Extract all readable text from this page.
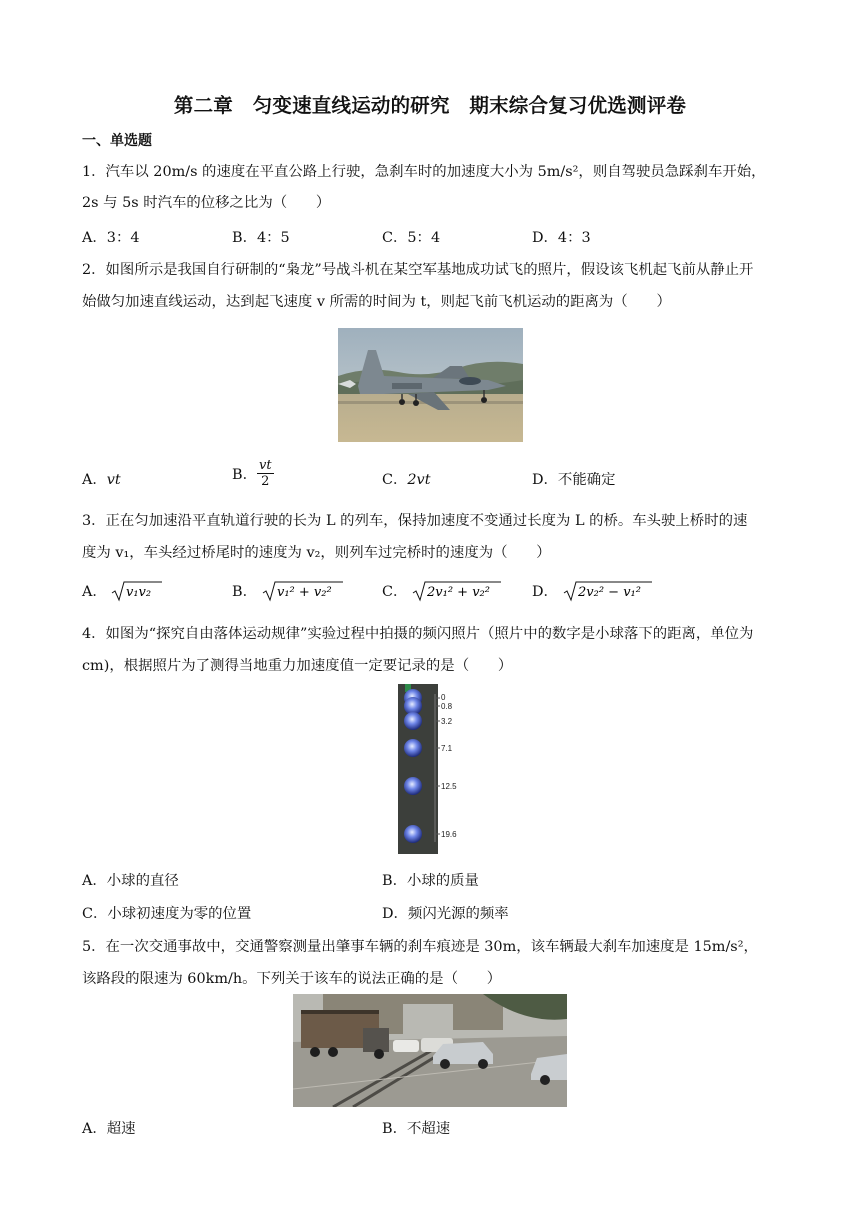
第二章　匀变速直线运动的研究　期末综合复习优选测评卷
一、单选题
1．汽车以 20m/s 的速度在平直公路上行驶，急刹车时的加速度大小为 5m/s²，则自驾驶员急踩刹车开始，
2s 与 5s 时汽车的位移之比为（　　）
A．3：4	B．4：5	C．5：4	D．4：3
2．如图所示是我国自行研制的“枭龙”号战斗机在某空军基地成功试飞的照片，假设该飞机起飞前从静止开
始做匀加速直线运动，达到起飞速度 v 所需的时间为 t，则起飞前飞机运动的距离为（　　）
A．vt	B． $\frac{vt}{2}$	C．2vt	D．不能确定
3．正在匀加速沿平直轨道行驶的长为 L 的列车，保持加速度不变通过长度为 L 的桥。车头驶上桥时的速
度为 v₁，车头经过桥尾时的速度为 v₂，则列车过完桥时的速度为（　　）
A． v₁v₂	B． v₁² + v₂²	C． 2v₁² + v₂²	D． 2v₂² − v₁²
4．如图为“探究自由落体运动规律”实验过程中拍摄的频闪照片（照片中的数字是小球落下的距离，单位为
cm)，根据照片为了测得当地重力加速度值一定要记录的是（　　）
0
0.8
3.2
7.1
12.5
19.6
A．小球的直径	B．小球的质量
C．小球初速度为零的位置	D．频闪光源的频率
5．在一次交通事故中，交通警察测量出肇事车辆的刹车痕迹是 30m，该车辆最大刹车加速度是 15m/s²，
该路段的限速为 60km/h。下列关于该车的说法正确的是（　　）
A．超速	B．不超速
